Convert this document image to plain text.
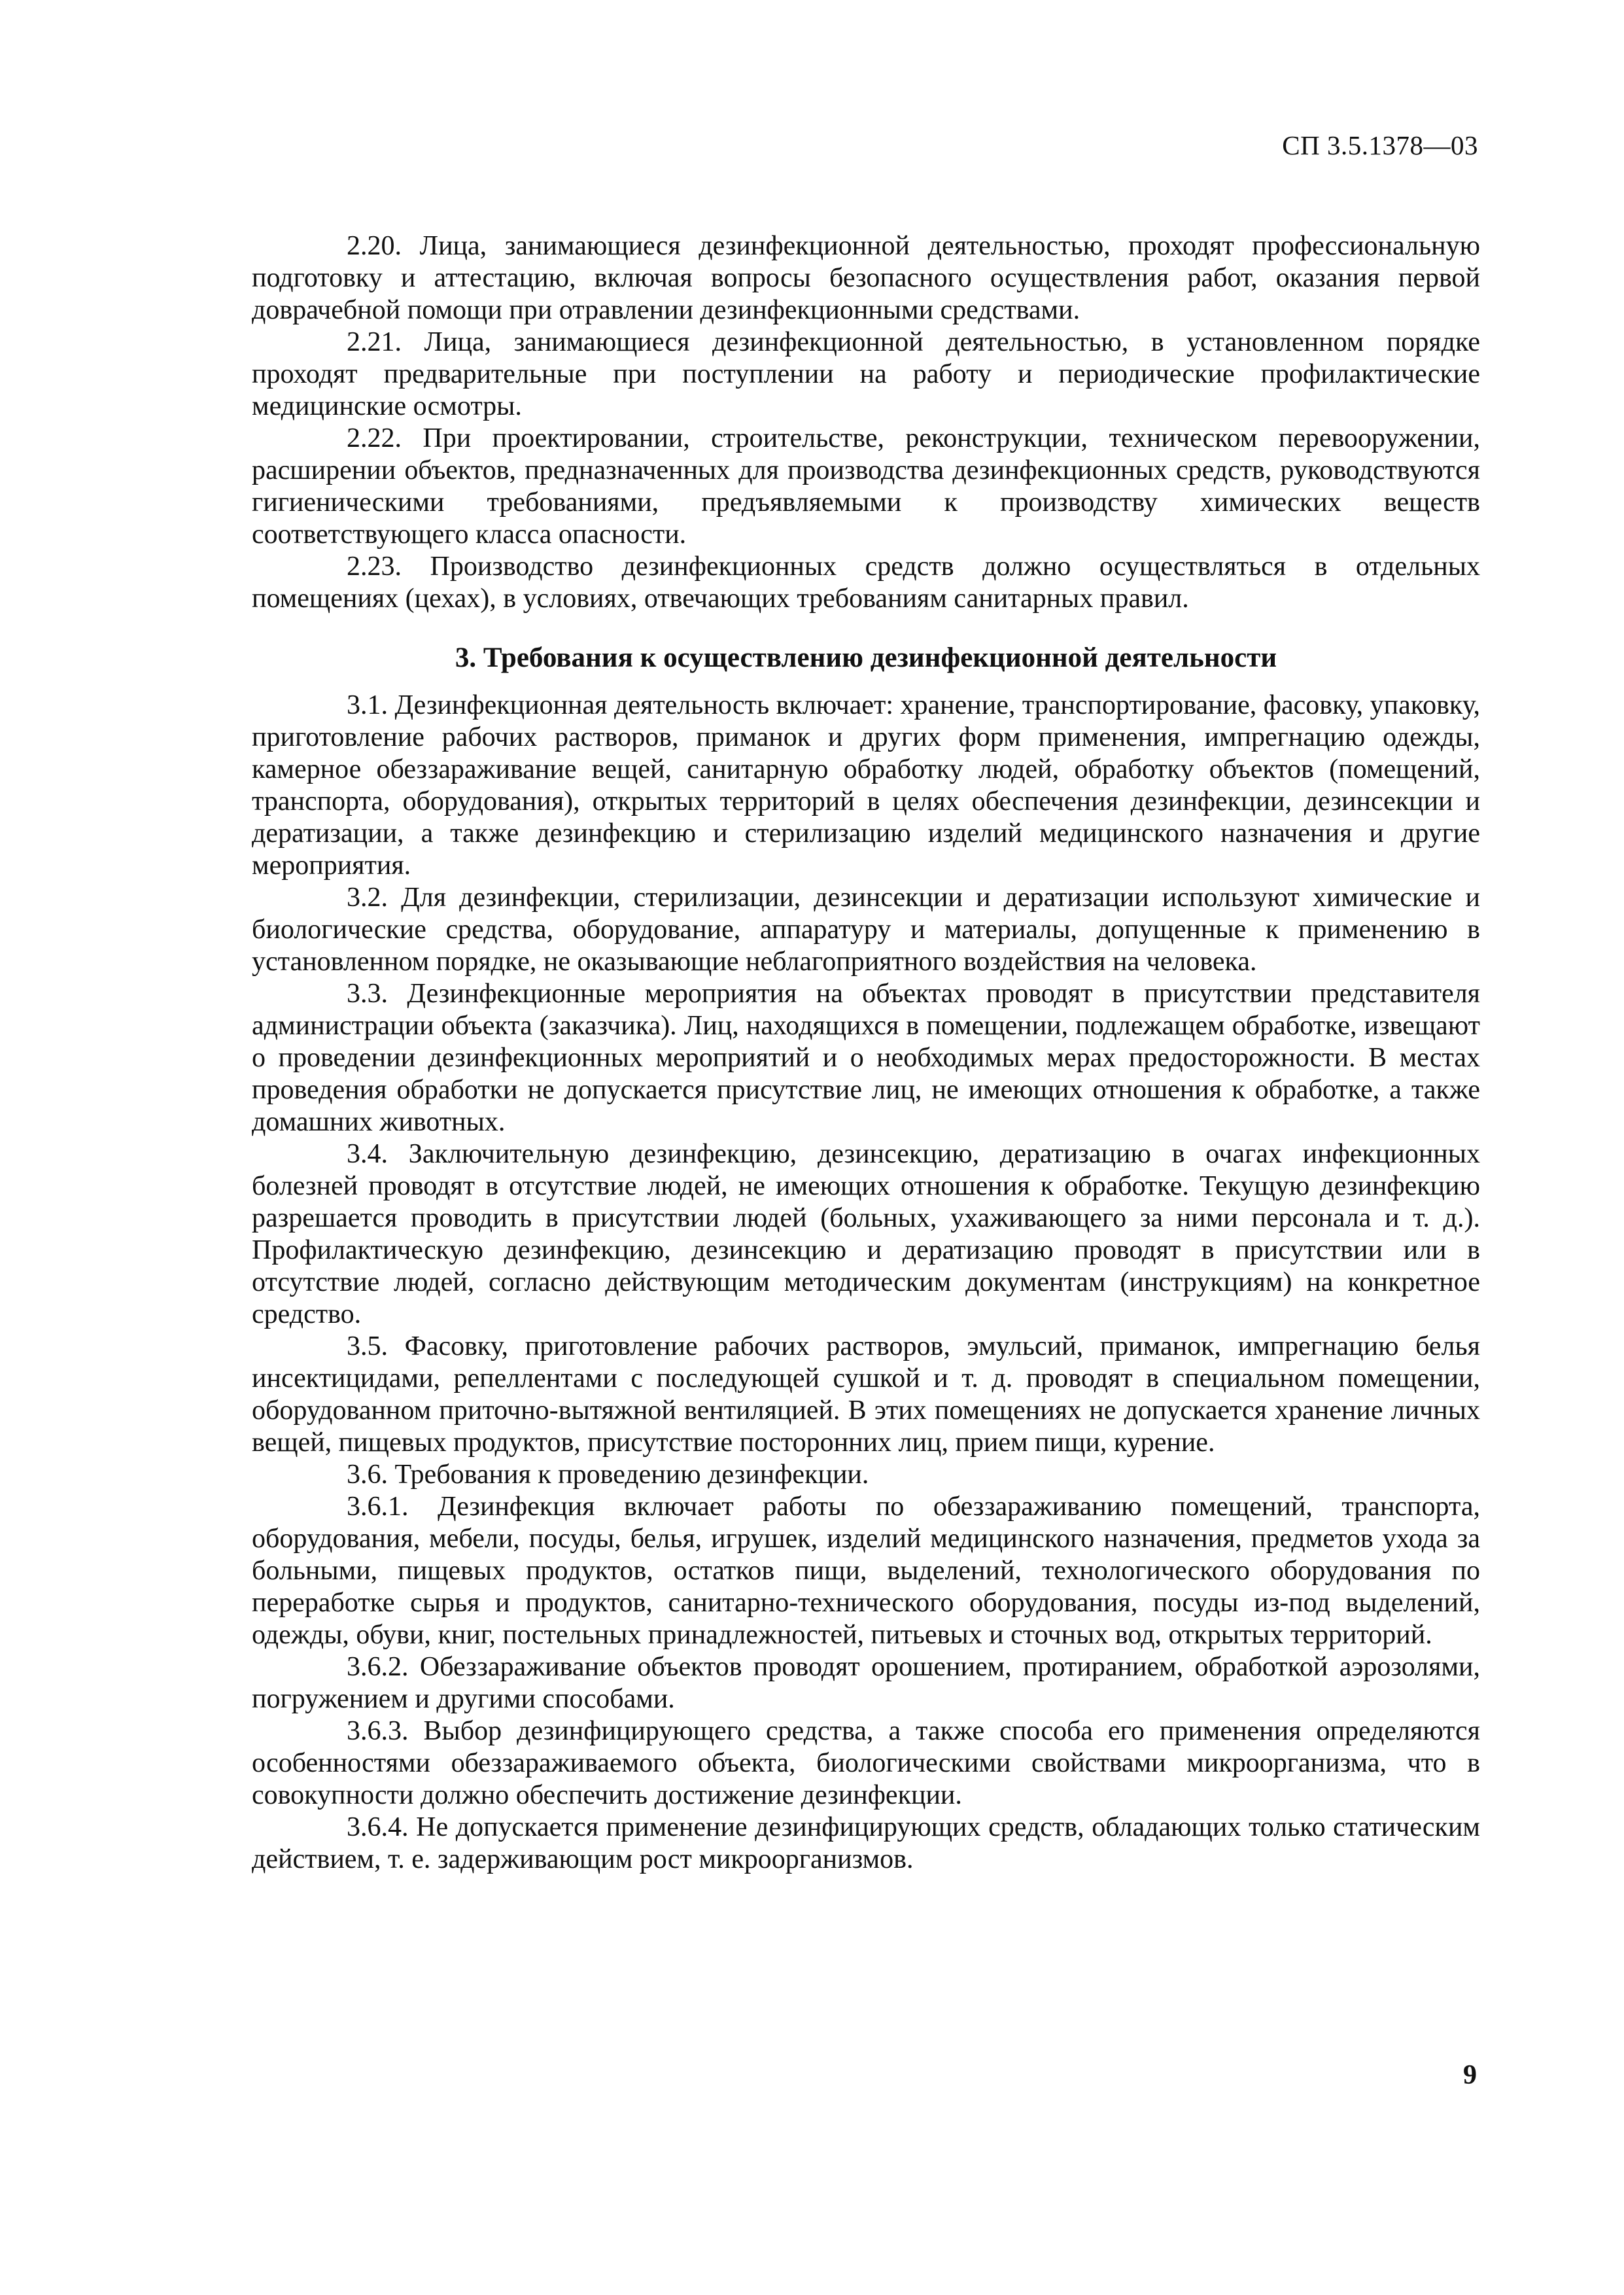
СП 3.5.1378—03

2.20. Лица, занимающиеся дезинфекционной деятельностью, проходят профессиональную подготовку и аттестацию, включая вопросы безопасного осуществления работ, оказания первой доврачебной помощи при отравлении дезинфекционными средствами.

2.21. Лица, занимающиеся дезинфекционной деятельностью, в установленном порядке проходят предварительные при поступлении на работу и периодические профилактические медицинские осмотры.

2.22. При проектировании, строительстве, реконструкции, техническом перевооружении, расширении объектов, предназначенных для производства дезинфекционных средств, руководствуются гигиеническими требованиями, предъявляемыми к производству химических веществ соответствующего класса опасности.

2.23. Производство дезинфекционных средств должно осуществляться в отдельных помещениях (цехах), в условиях, отвечающих требованиям санитарных правил.

3. Требования к осуществлению дезинфекционной деятельности

3.1. Дезинфекционная деятельность включает: хранение, транспортирование, фасовку, упаковку, приготовление рабочих растворов, приманок и других форм применения, импрегнацию одежды, камерное обеззараживание вещей, санитарную обработку людей, обработку объектов (помещений, транспорта, оборудования), открытых территорий в целях обеспечения дезинфекции, дезинсекции и дератизации, а также дезинфекцию и стерилизацию изделий медицинского назначения и другие мероприятия.

3.2. Для дезинфекции, стерилизации, дезинсекции и дератизации используют химические и биологические средства, оборудование, аппаратуру и материалы, допущенные к применению в установленном порядке, не оказывающие неблагоприятного воздействия на человека.

3.3. Дезинфекционные мероприятия на объектах проводят в присутствии представителя администрации объекта (заказчика). Лиц, находящихся в помещении, подлежащем обработке, извещают о проведении дезинфекционных мероприятий и о необходимых мерах предосторожности. В местах проведения обработки не допускается присутствие лиц, не имеющих отношения к обработке, а также домашних животных.

3.4. Заключительную дезинфекцию, дезинсекцию, дератизацию в очагах инфекционных болезней проводят в отсутствие людей, не имеющих отношения к обработке. Текущую дезинфекцию разрешается проводить в присутствии людей (больных, ухаживающего за ними персонала и т. д.). Профилактическую дезинфекцию, дезинсекцию и дератизацию проводят в присутствии или в отсутствие людей, согласно действующим методическим документам (инструкциям) на конкретное средство.

3.5. Фасовку, приготовление рабочих растворов, эмульсий, приманок, импрегнацию белья инсектицидами, репеллентами с последующей сушкой и т. д. проводят в специальном помещении, оборудованном приточно-вытяжной вентиляцией. В этих помещениях не допускается хранение личных вещей, пищевых продуктов, присутствие посторонних лиц, прием пищи, курение.

3.6. Требования к проведению дезинфекции.

3.6.1. Дезинфекция включает работы по обеззараживанию помещений, транспорта, оборудования, мебели, посуды, белья, игрушек, изделий медицинского назначения, предметов ухода за больными, пищевых продуктов, остатков пищи, выделений, технологического оборудования по переработке сырья и продуктов, санитарно-технического оборудования, посуды из-под выделений, одежды, обуви, книг, постельных принадлежностей, питьевых и сточных вод, открытых территорий.

3.6.2. Обеззараживание объектов проводят орошением, протиранием, обработкой аэрозолями, погружением и другими способами.

3.6.3. Выбор дезинфицирующего средства, а также способа его применения определяются особенностями обеззараживаемого объекта, биологическими свойствами микроорганизма, что в совокупности должно обеспечить достижение дезинфекции.

3.6.4. Не допускается применение дезинфицирующих средств, обладающих только статическим действием, т. е. задерживающим рост микроорганизмов.

9
